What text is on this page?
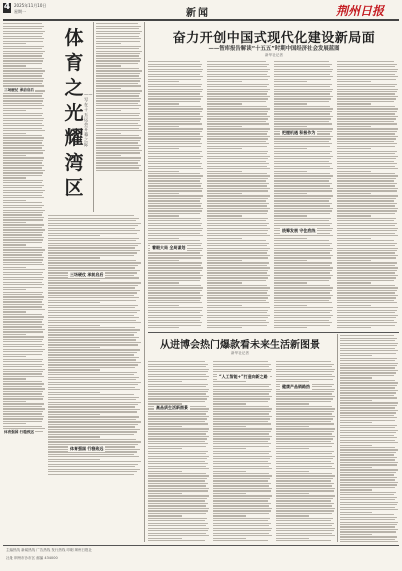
4 2025年11月10日
星期一	新闻	荆州日报
体育之光耀湾区
——写在十五运会开幕之际
三场硬仗 承前启后
体育强国 行稳致远
三场硬仗 承前启后
体育强国 行稳致远
奋力开创中国式现代化建设新局面
——智库报告解读“十五五”时期中国经济社会发展蓝图
新华社记者
着眼大局 全局谋划
把握机遇 积极作为
统筹发展 守住底线
从进博会热门爆款看未来生活新图景
新华社记者
高品质生活新图景
“人工智能+”打造向新之路
健康产品销路热
主编热线 新闻热线 广告热线 发行热线 印刷 荆州日报社
社址 荆州市沙市区 邮编 434000
